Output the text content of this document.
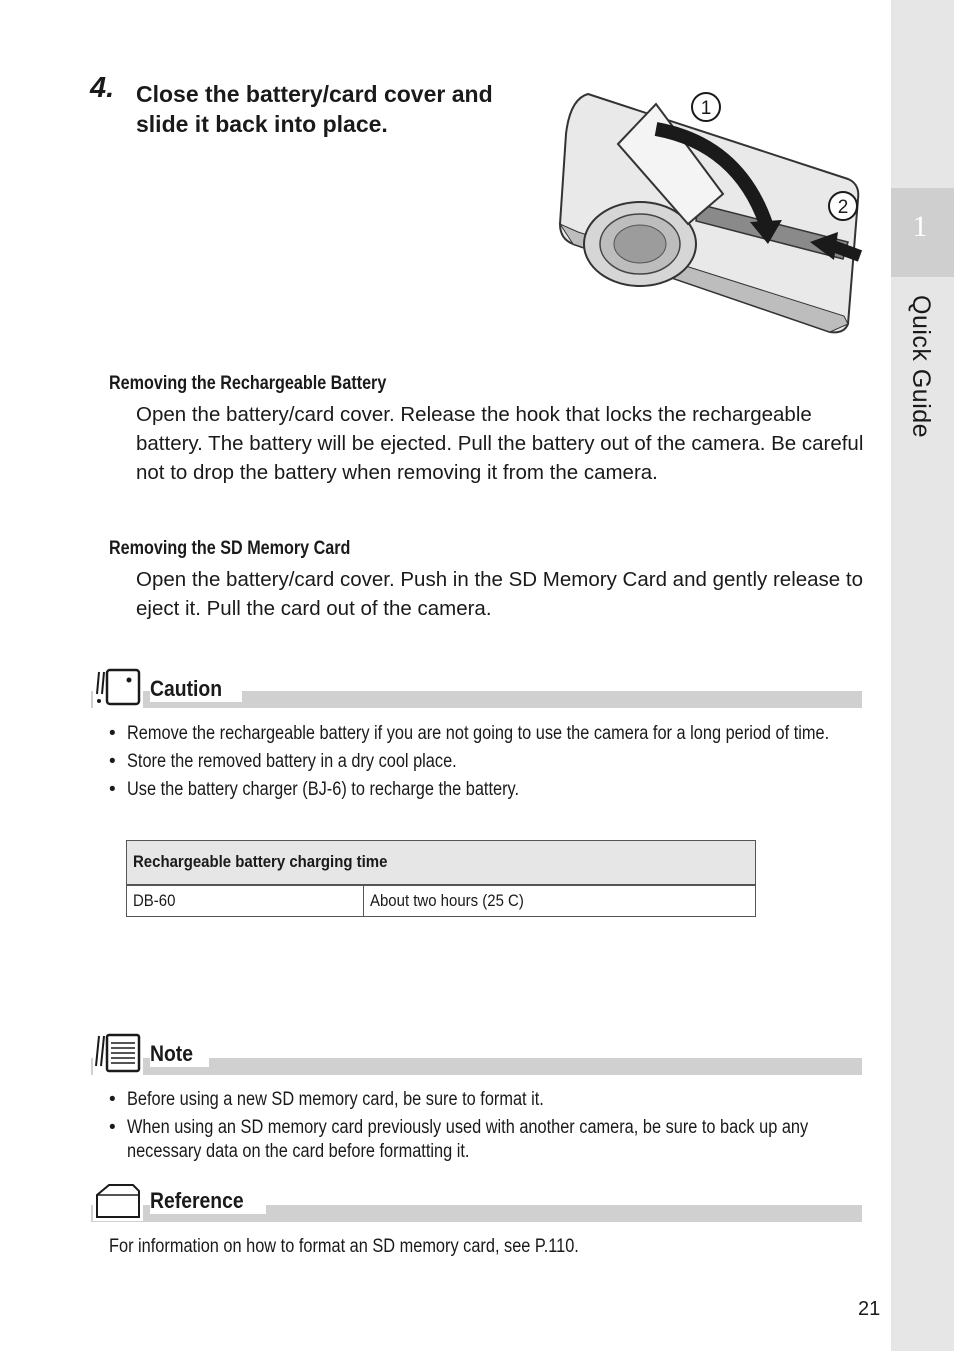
1
Quick Guide
4. Close the battery/card cover and slide it back into place.
1
2
Removing the Rechargeable Battery
Open the battery/card cover. Release the hook that locks the rechargeable battery. The battery will be ejected. Pull the battery out of the camera. Be careful not to drop the battery when removing it from the camera.
Removing the SD Memory Card
Open the battery/card cover. Push in the SD Memory Card and gently release to eject it. Pull the card out of the camera.
Caution
• Remove the rechargeable battery if you are not going to use the camera for a long period of time.
• Store the removed battery in a dry cool place.
• Use the battery charger (BJ-6) to recharge the battery.
Rechargeable battery charging time
DB-60	About two hours (25 C)
Note
• Before using a new SD memory card, be sure to format it.
• When using an SD memory card previously used with another camera, be sure to back up any necessary data on the card before formatting it.
Reference
For information on how to format an SD memory card, see P.110.
21
